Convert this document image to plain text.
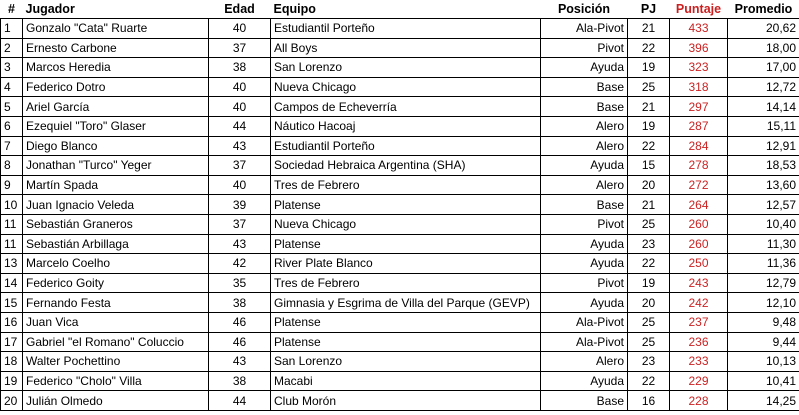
#	Jugador	Edad	Equipo	Posición	PJ	Puntaje	Promedio
1	Gonzalo "Cata" Ruarte	40	Estudiantil Porteño	Ala-Pivot	21	433	20,62
2	Ernesto Carbone	37	All Boys	Pivot	22	396	18,00
3	Marcos Heredia	38	San Lorenzo	Ayuda	19	323	17,00
4	Federico Dotro	40	Nueva Chicago	Base	25	318	12,72
5	Ariel García	40	Campos de Echeverría	Base	21	297	14,14
6	Ezequiel "Toro" Glaser	44	Náutico Hacoaj	Alero	19	287	15,11
7	Diego Blanco	43	Estudiantil Porteño	Alero	22	284	12,91
8	Jonathan "Turco" Yeger	37	Sociedad Hebraica Argentina (SHA)	Ayuda	15	278	18,53
9	Martín Spada	40	Tres de Febrero	Alero	20	272	13,60
10	Juan Ignacio Veleda	39	Platense	Base	21	264	12,57
11	Sebastián Graneros	37	Nueva Chicago	Pivot	25	260	10,40
11	Sebastián Arbillaga	43	Platense	Ayuda	23	260	11,30
13	Marcelo Coelho	42	River Plate Blanco	Ayuda	22	250	11,36
14	Federico Goity	35	Tres de Febrero	Pivot	19	243	12,79
15	Fernando Festa	38	Gimnasia y Esgrima de Villa del Parque (GEVP)	Ayuda	20	242	12,10
16	Juan Vica	46	Platense	Ala-Pivot	25	237	9,48
17	Gabriel "el Romano" Coluccio	46	Platense	Ala-Pivot	25	236	9,44
18	Walter Pochettino	43	San Lorenzo	Alero	23	233	10,13
19	Federico "Cholo" Villa	38	Macabi	Ayuda	22	229	10,41
20	Julián Olmedo	44	Club Morón	Base	16	228	14,25
